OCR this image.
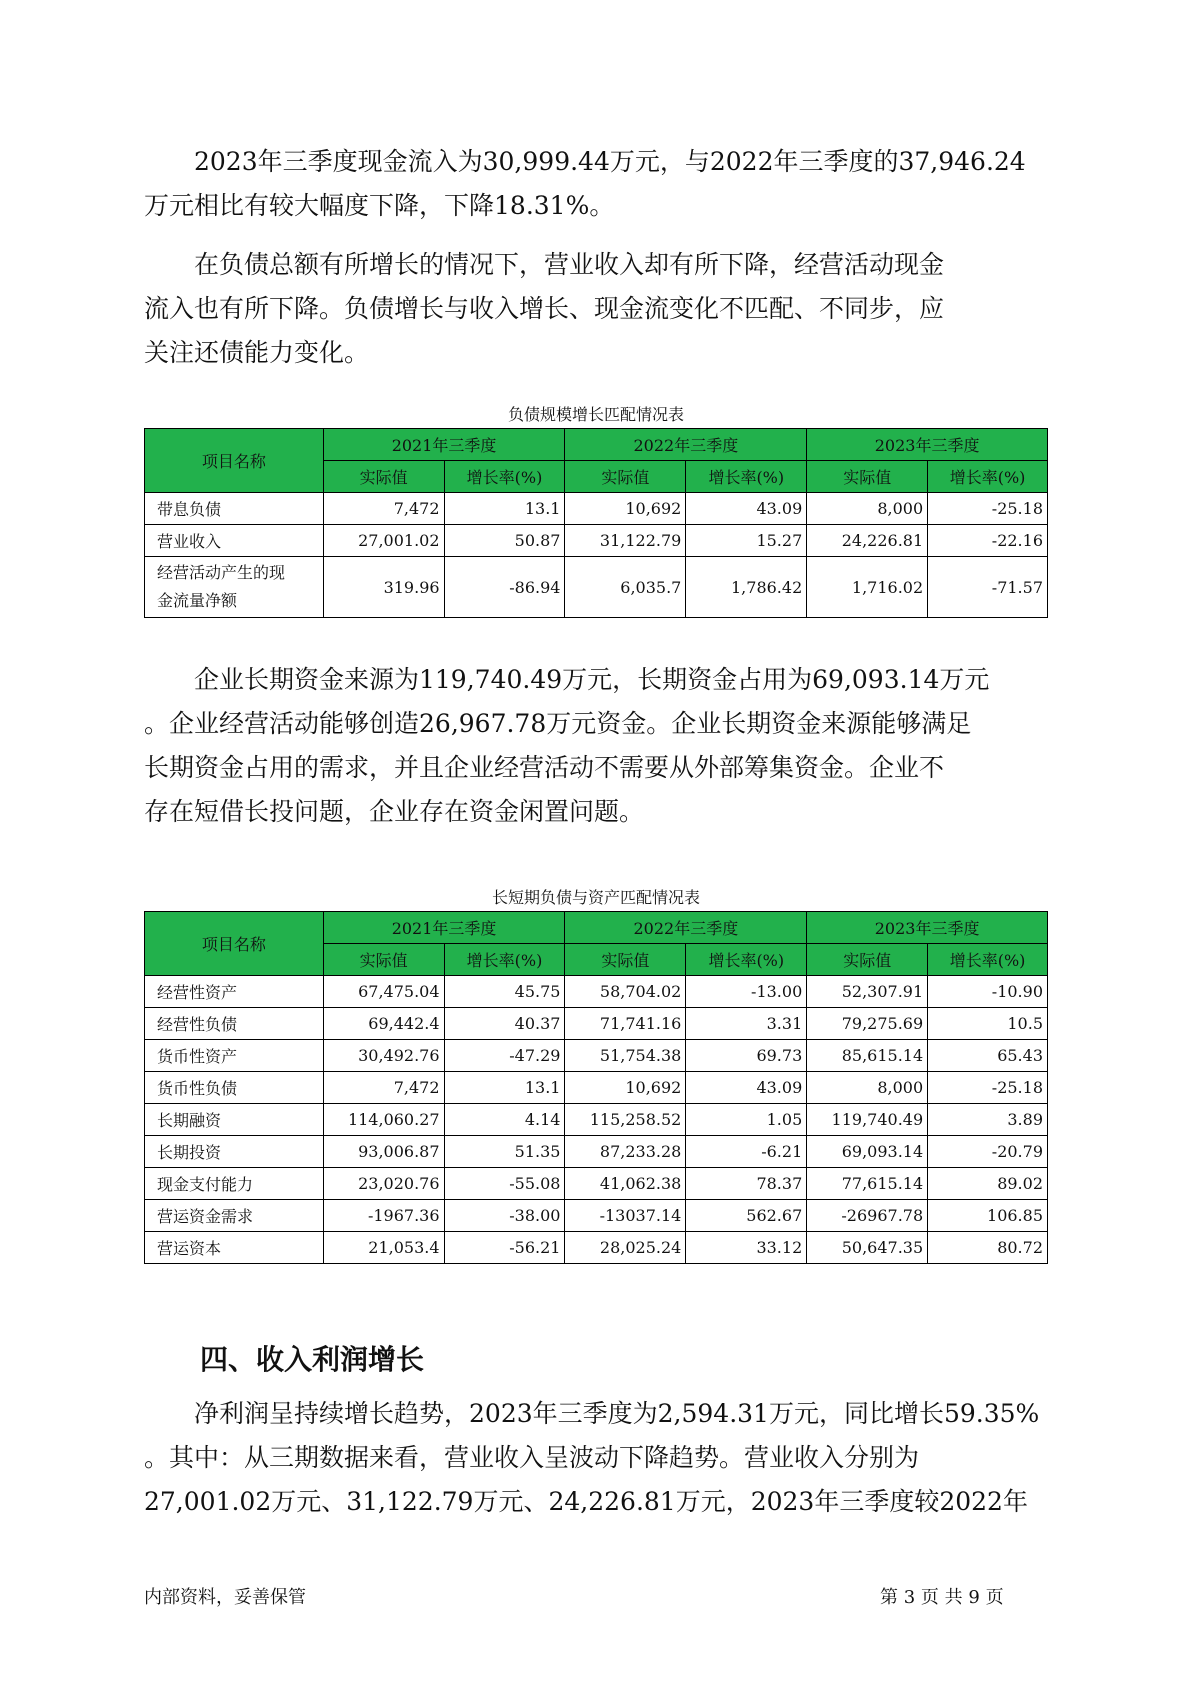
2023年三季度现金流入为30,999.44万元，与2022年三季度的37,946.24
万元相比有较大幅度下降，下降18.31%。

在负债总额有所增长的情况下，营业收入却有所下降，经营活动现金
流入也有所下降。负债增长与收入增长、现金流变化不匹配、不同步，应
关注还债能力变化。

负债规模增长匹配情况表
项目名称	2021年三季度		2022年三季度		2023年三季度	
	实际值	增长率(%)	实际值	增长率(%)	实际值	增长率(%)
带息负债	7,472	13.1	10,692	43.09	8,000	-25.18
营业收入	27,001.02	50.87	31,122.79	15.27	24,226.81	-22.16
经营活动产生的现
金流量净额	319.96	-86.94	6,035.7	1,786.42	1,716.02	-71.57

企业长期资金来源为119,740.49万元，长期资金占用为69,093.14万元
。企业经营活动能够创造26,967.78万元资金。企业长期资金来源能够满足
长期资金占用的需求，并且企业经营活动不需要从外部筹集资金。企业不
存在短借长投问题，企业存在资金闲置问题。

长短期负债与资产匹配情况表
项目名称	2021年三季度		2022年三季度		2023年三季度	
	实际值	增长率(%)	实际值	增长率(%)	实际值	增长率(%)
经营性资产	67,475.04	45.75	58,704.02	-13.00	52,307.91	-10.90
经营性负债	69,442.4	40.37	71,741.16	3.31	79,275.69	10.5
货币性资产	30,492.76	-47.29	51,754.38	69.73	85,615.14	65.43
货币性负债	7,472	13.1	10,692	43.09	8,000	-25.18
长期融资	114,060.27	4.14	115,258.52	1.05	119,740.49	3.89
长期投资	93,006.87	51.35	87,233.28	-6.21	69,093.14	-20.79
现金支付能力	23,020.76	-55.08	41,062.38	78.37	77,615.14	89.02
营运资金需求	-1967.36	-38.00	-13037.14	562.67	-26967.78	106.85
营运资本	21,053.4	-56.21	28,025.24	33.12	50,647.35	80.72
四、收入利润增长

净利润呈持续增长趋势，2023年三季度为2,594.31万元，同比增长59.35%
。其中：从三期数据来看，营业收入呈波动下降趋势。营业收入分别为
27,001.02万元、31,122.79万元、24,226.81万元，2023年三季度较2022年

内部资料，妥善保管	第 3 页 共 9 页
